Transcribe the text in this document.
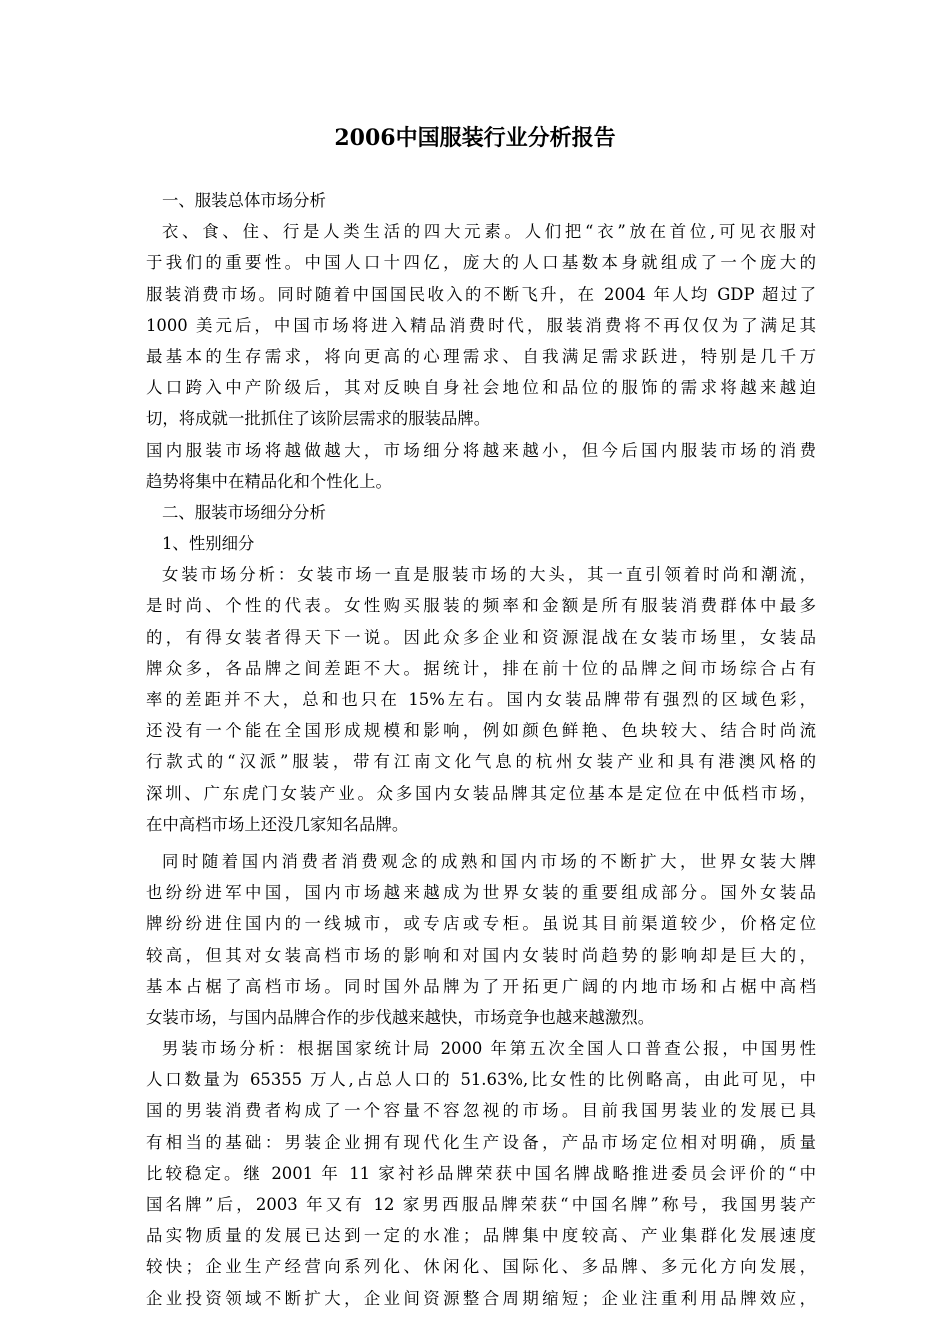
2006中国服装行业分析报告
一、服装总体市场分析
衣、食、住、行是人类生活的四大元素。人们把“衣”放在首位,可见衣服对
于我们的重要性。中国人口十四亿，庞大的人口基数本身就组成了一个庞大的
服装消费市场。同时随着中国国民收入的不断飞升，在 2004 年人均 GDP 超过了
1000 美元后，中国市场将进入精品消费时代，服装消费将不再仅仅为了满足其
最基本的生存需求，将向更高的心理需求、自我满足需求跃进，特别是几千万
人口跨入中产阶级后，其对反映自身社会地位和品位的服饰的需求将越来越迫
切，将成就一批抓住了该阶层需求的服装品牌。
国内服装市场将越做越大，市场细分将越来越小，但今后国内服装市场的消费
趋势将集中在精品化和个性化上。
二、服装市场细分分析
1、性别细分
女装市场分析：女装市场一直是服装市场的大头，其一直引领着时尚和潮流，
是时尚、个性的代表。女性购买服装的频率和金额是所有服装消费群体中最多
的，有得女装者得天下一说。因此众多企业和资源混战在女装市场里，女装品
牌众多，各品牌之间差距不大。据统计，排在前十位的品牌之间市场综合占有
率的差距并不大，总和也只在 15%左右。国内女装品牌带有强烈的区域色彩，
还没有一个能在全国形成规模和影响，例如颜色鲜艳、色块较大、结合时尚流
行款式的“汉派”服装，带有江南文化气息的杭州女装产业和具有港澳风格的
深圳、广东虎门女装产业。众多国内女装品牌其定位基本是定位在中低档市场，
在中高档市场上还没几家知名品牌。
同时随着国内消费者消费观念的成熟和国内市场的不断扩大，世界女装大牌
也纷纷进军中国，国内市场越来越成为世界女装的重要组成部分。国外女装品
牌纷纷进住国内的一线城市，或专店或专柜。虽说其目前渠道较少，价格定位
较高，但其对女装高档市场的影响和对国内女装时尚趋势的影响却是巨大的，
基本占椐了高档市场。同时国外品牌为了开拓更广阔的内地市场和占椐中高档
女装市场，与国内品牌合作的步伐越来越快，市场竞争也越来越激烈。
男装市场分析：根据国家统计局 2000 年第五次全国人口普查公报，中国男性
人口数量为 65355 万人,占总人口的 51.63%,比女性的比例略高，由此可见，中
国的男装消费者构成了一个容量不容忽视的市场。目前我国男装业的发展已具
有相当的基础：男装企业拥有现代化生产设备，产品市场定位相对明确，质量
比较稳定。继 2001 年 11 家衬衫品牌荣获中国名牌战略推进委员会评价的“中
国名牌”后，2003 年又有 12 家男西服品牌荣获“中国名牌”称号，我国男装产
品实物质量的发展已达到一定的水准；品牌集中度较高、产业集群化发展速度
较快；企业生产经营向系列化、休闲化、国际化、多品牌、多元化方向发展，
企业投资领域不断扩大，企业间资源整合周期缩短；企业注重利用品牌效应，
